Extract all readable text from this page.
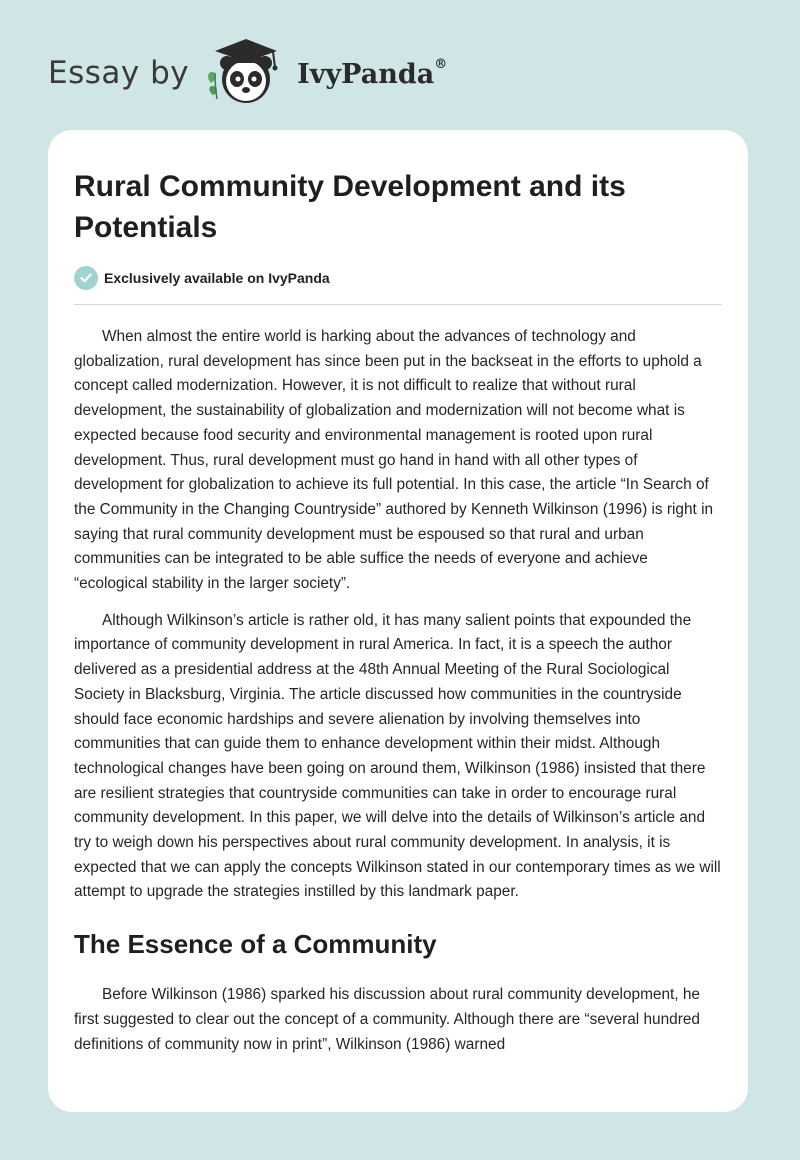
Essay by	IvyPanda®
Rural Community Development and its Potentials
Exclusively available on IvyPanda

When almost the entire world is harking about the advances of technology and globalization, rural development has since been put in the backseat in the efforts to uphold a concept called modernization. However, it is not difficult to realize that without rural development, the sustainability of globalization and modernization will not become what is expected because food security and environmental management is rooted upon rural development. Thus, rural development must go hand in hand with all other types of development for globalization to achieve its full potential. In this case, the article “In Search of the Community in the Changing Countryside” authored by Kenneth Wilkinson (1996) is right in saying that rural community development must be espoused so that rural and urban communities can be integrated to be able suffice the needs of everyone and achieve “ecological stability in the larger society”.

Although Wilkinson’s article is rather old, it has many salient points that expounded the importance of community development in rural America. In fact, it is a speech the author delivered as a presidential address at the 48th Annual Meeting of the Rural Sociological Society in Blacksburg, Virginia. The article discussed how communities in the countryside should face economic hardships and severe alienation by involving themselves into communities that can guide them to enhance development within their midst. Although technological changes have been going on around them, Wilkinson (1986) insisted that there are resilient strategies that countryside communities can take in order to encourage rural community development. In this paper, we will delve into the details of Wilkinson’s article and try to weigh down his perspectives about rural community development. In analysis, it is expected that we can apply the concepts Wilkinson stated in our contemporary times as we will attempt to upgrade the strategies instilled by this landmark paper.

The Essence of a Community

Before Wilkinson (1986) sparked his discussion about rural community development, he first suggested to clear out the concept of a community. Although there are “several hundred definitions of community now in print”, Wilkinson (1986) warned
